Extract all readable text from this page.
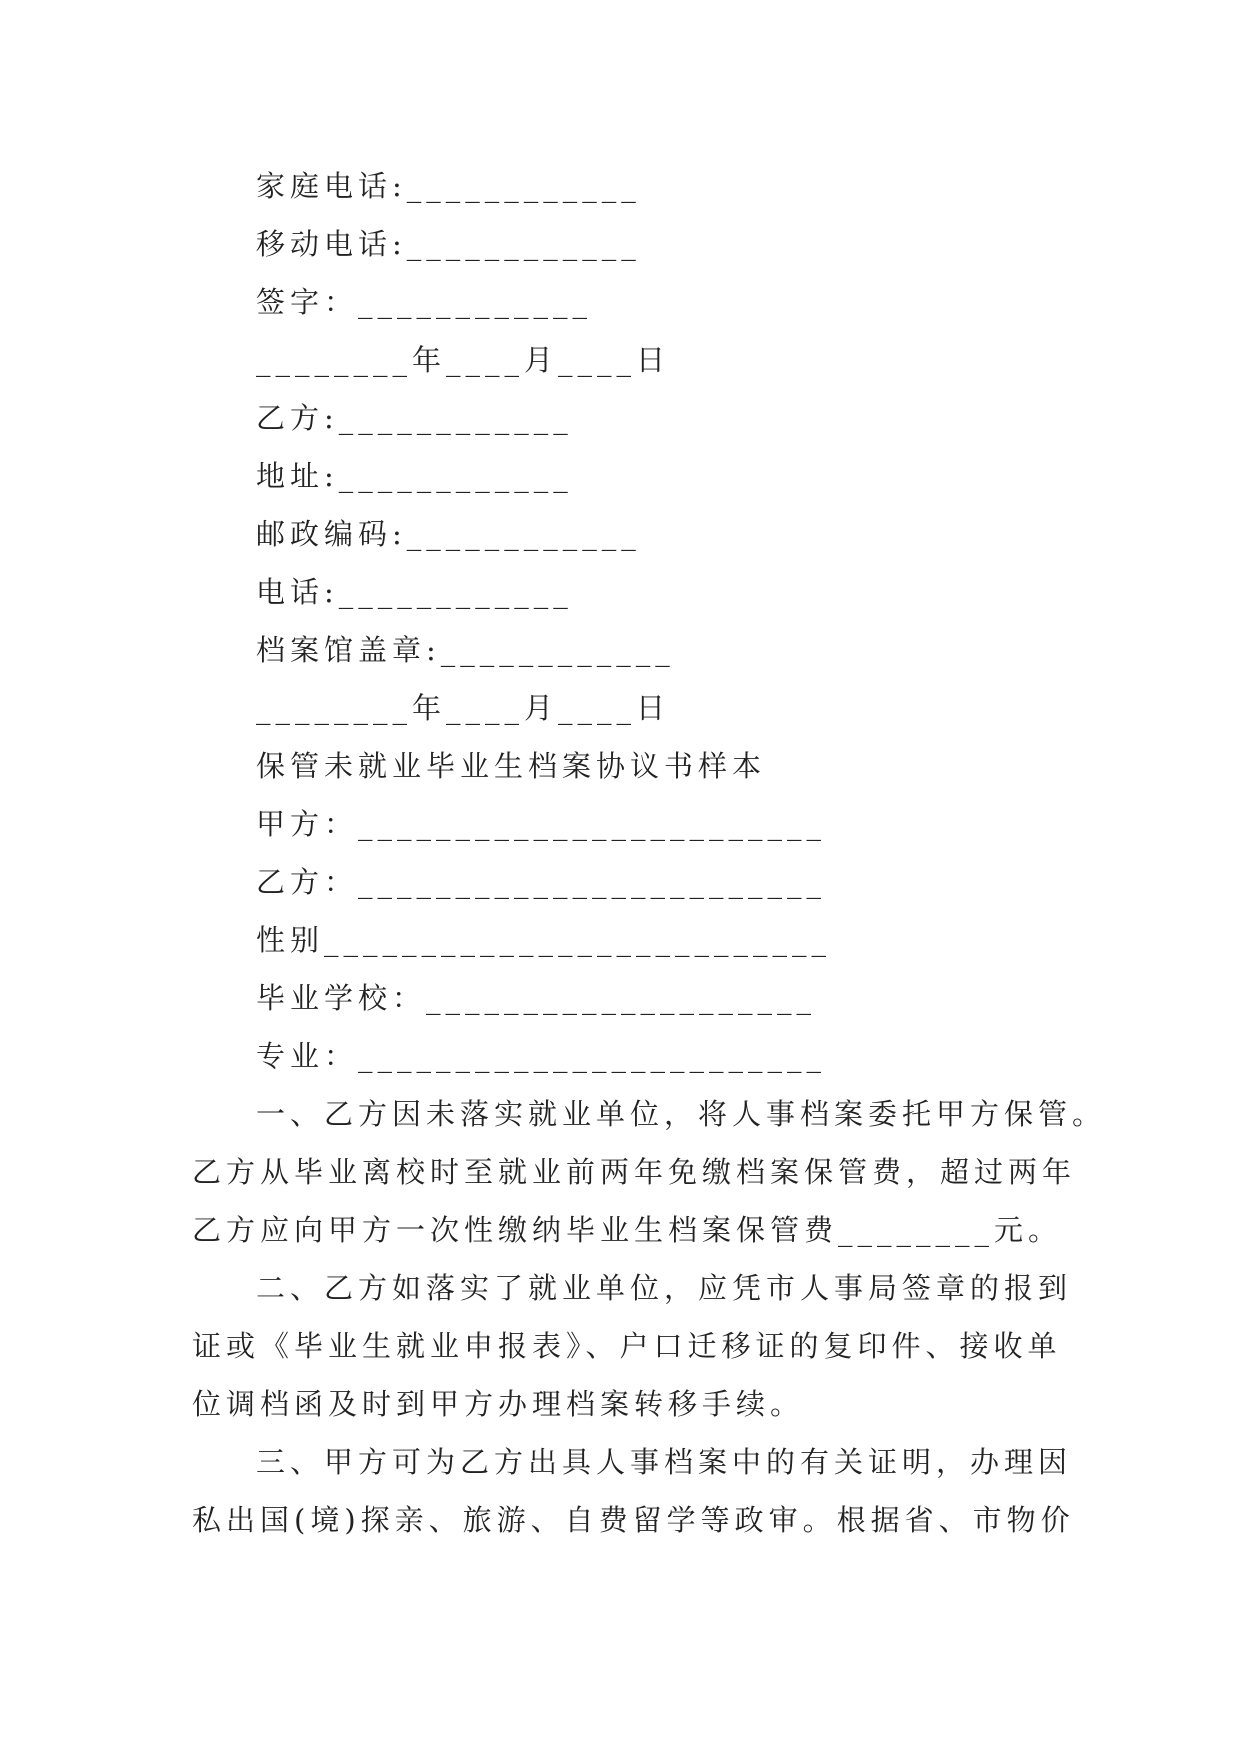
家庭电话:____________
移动电话:____________
签字：____________
________年____月____日
乙方:____________
地址:____________
邮政编码:____________
电话:____________
档案馆盖章:____________
________年____月____日
保管未就业毕业生档案协议书样本
甲方：________________________
乙方：________________________
性别__________________________
毕业学校：____________________
专业：________________________
一、乙方因未落实就业单位，将人事档案委托甲方保管。
乙方从毕业离校时至就业前两年免缴档案保管费，超过两年
乙方应向甲方一次性缴纳毕业生档案保管费________元。
二、乙方如落实了就业单位，应凭市人事局签章的报到
证或《毕业生就业申报表》、户口迁移证的复印件、接收单
位调档函及时到甲方办理档案转移手续。
三、甲方可为乙方出具人事档案中的有关证明，办理因
私出国(境)探亲、旅游、自费留学等政审。根据省、市物价
